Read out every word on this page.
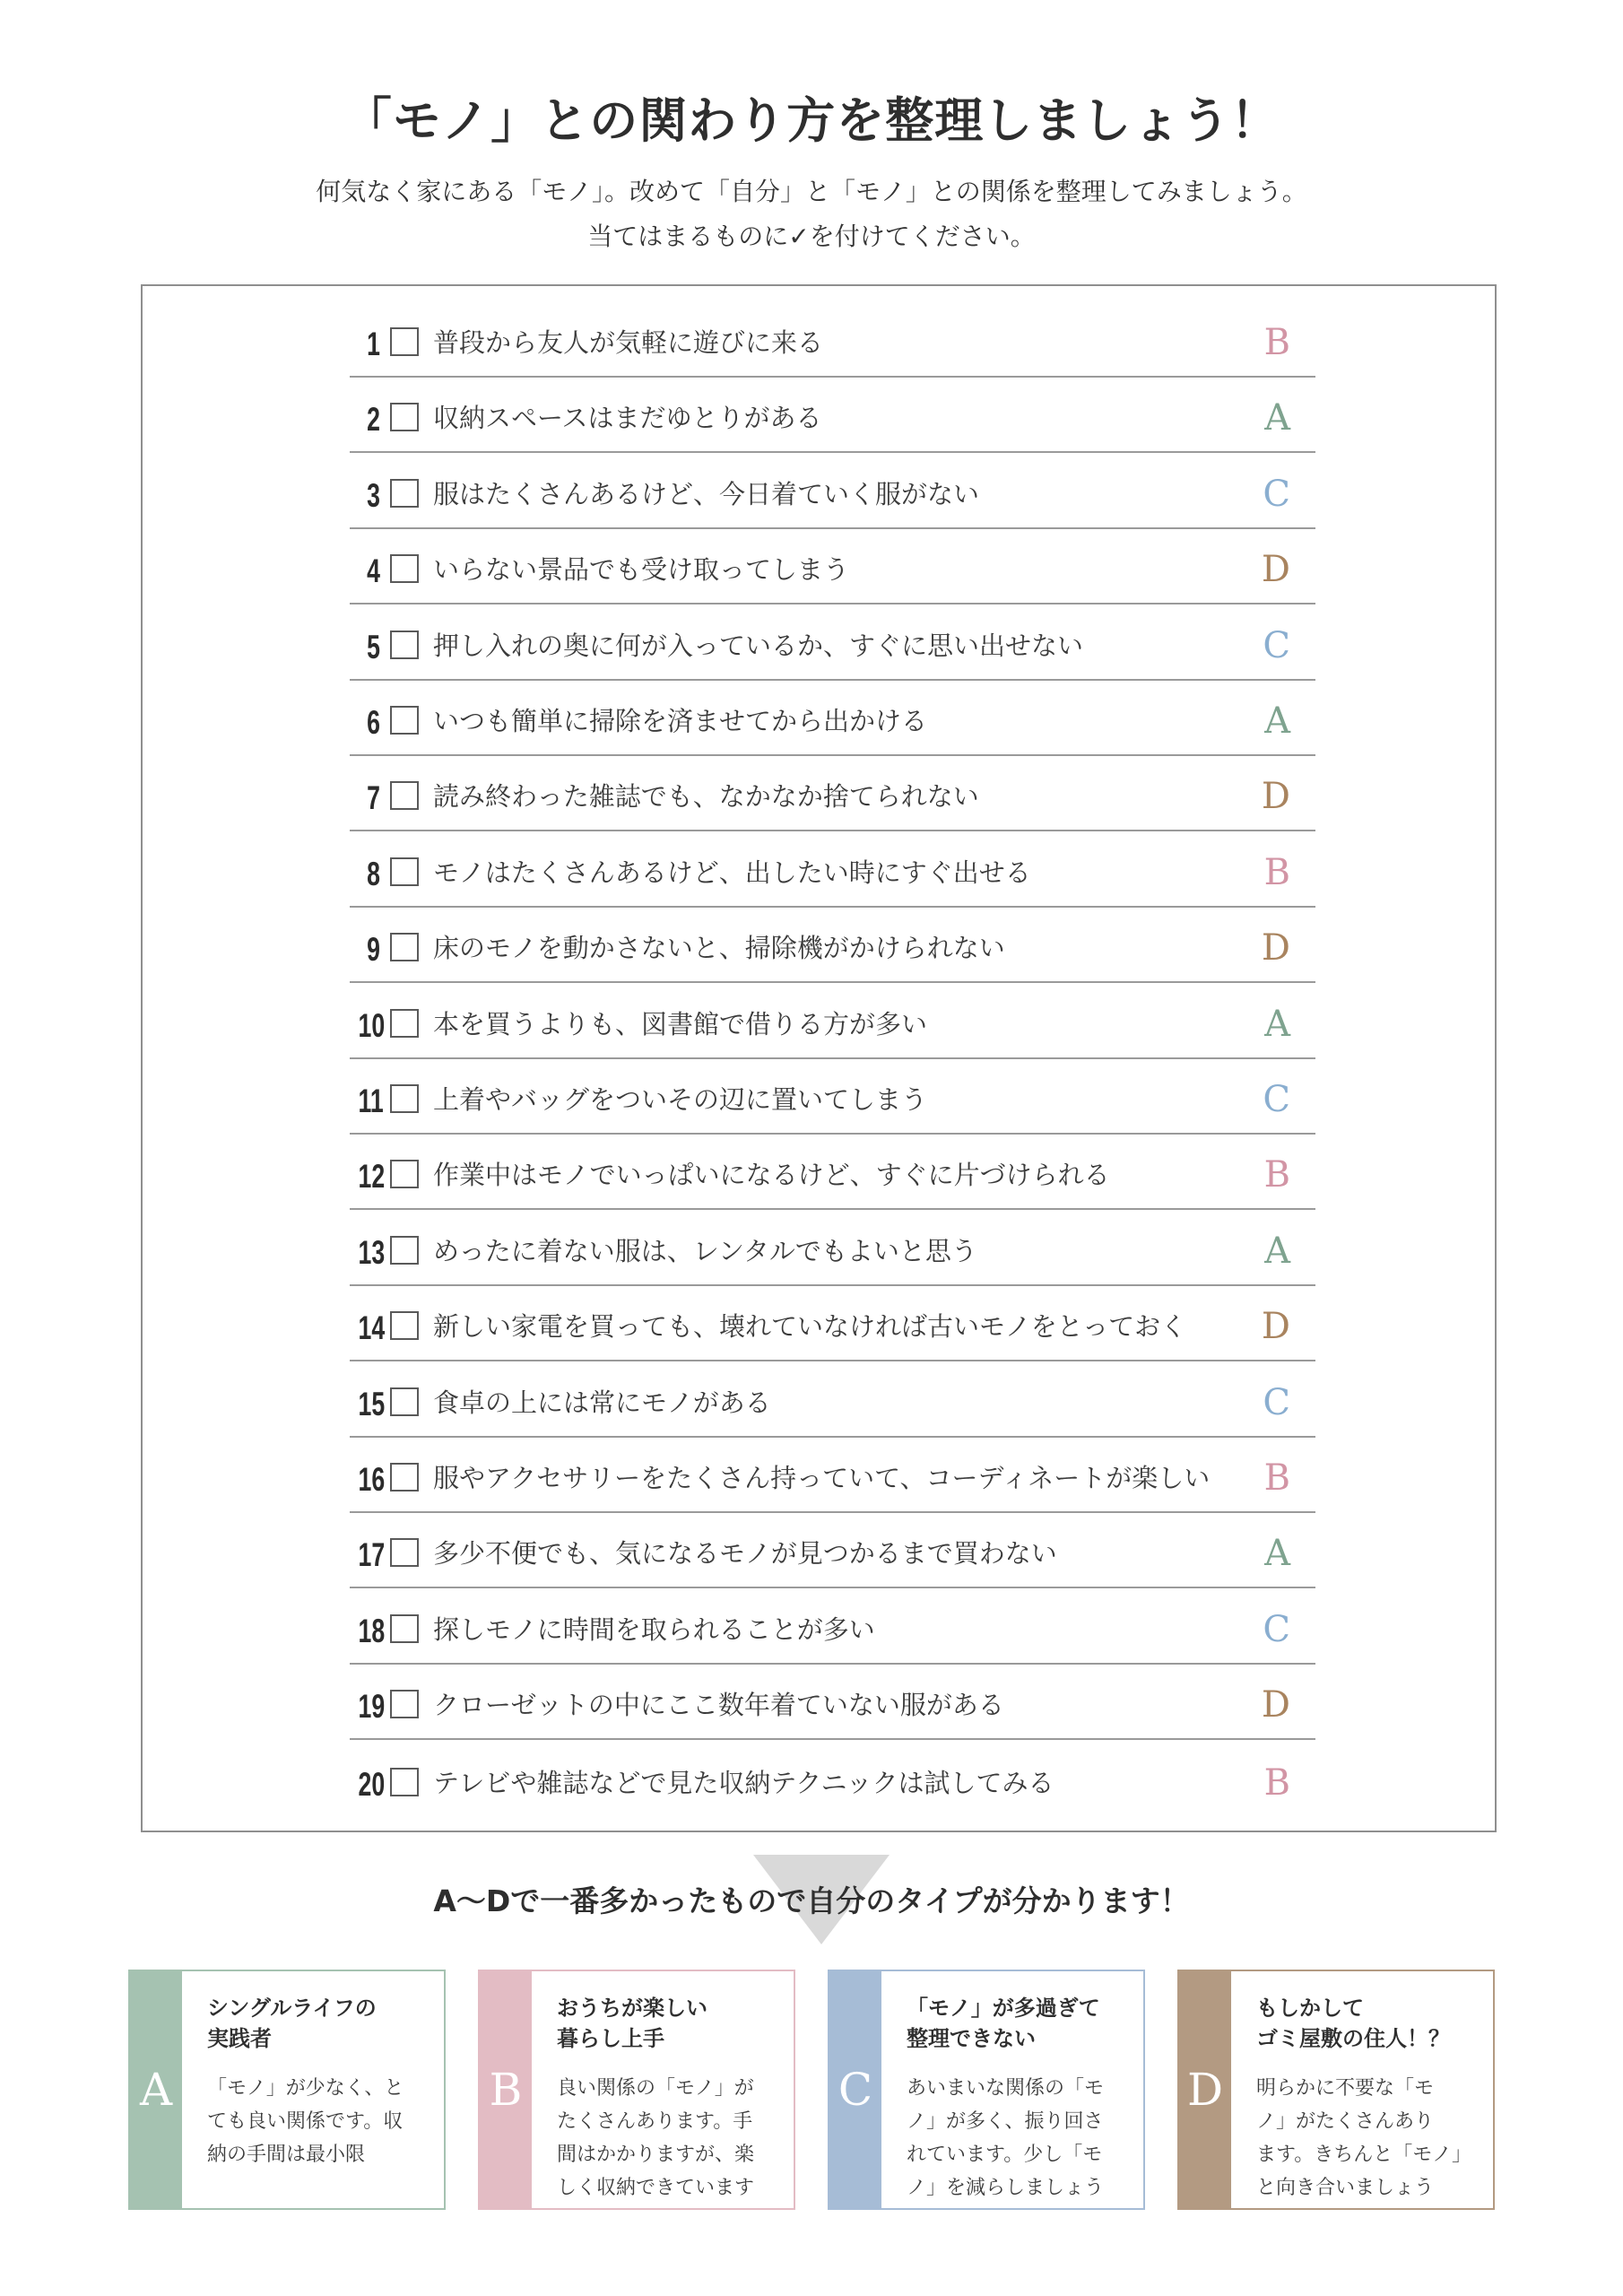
「モノ」との関わり方を整理しましょう！
何気なく家にある「モノ」。改めて「自分」と「モノ」との関係を整理してみましょう。
当てはまるものに✓を付けてください。
1 普段から友人が気軽に遊びに来る	B
2 収納スペースはまだゆとりがある	A
3 服はたくさんあるけど、今日着ていく服がない	C
4 いらない景品でも受け取ってしまう	D
5 押し入れの奥に何が入っているか、すぐに思い出せない	C
6 いつも簡単に掃除を済ませてから出かける	A
7 読み終わった雑誌でも、なかなか捨てられない	D
8 モノはたくさんあるけど、出したい時にすぐ出せる	B
9 床のモノを動かさないと、掃除機がかけられない	D
10 本を買うよりも、図書館で借りる方が多い	A
11 上着やバッグをついその辺に置いてしまう	C
12 作業中はモノでいっぱいになるけど、すぐに片づけられる	B
13 めったに着ない服は、レンタルでもよいと思う	A
14 新しい家電を買っても、壊れていなければ古いモノをとっておく D
15 食卓の上には常にモノがある	C
16 服やアクセサリーをたくさん持っていて、コーディネートが楽しい B
17 多少不便でも、気になるモノが見つかるまで買わない	A
18 探しモノに時間を取られることが多い	C
19 クローゼットの中にここ数年着ていない服がある	D
20 テレビや雑誌などで見た収納テクニックは試してみる	B
A〜Dで一番多かったもので自分のタイプが分かります！
A
シングルライフの
実践者
「モノ」が少なく、と
ても良い関係です。収
納の手間は最小限
B
おうちが楽しい
暮らし上手
良い関係の「モノ」が
たくさんあります。手
間はかかりますが、楽
しく収納できています
C
「モノ」が多過ぎて
整理できない
あいまいな関係の「モ
ノ」が多く、振り回さ
れています。少し「モ
ノ」を減らしましょう
D
もしかして
ゴミ屋敷の住人！？
明らかに不要な「モ
ノ」がたくさんあり
ます。きちんと「モノ」
と向き合いましょう
